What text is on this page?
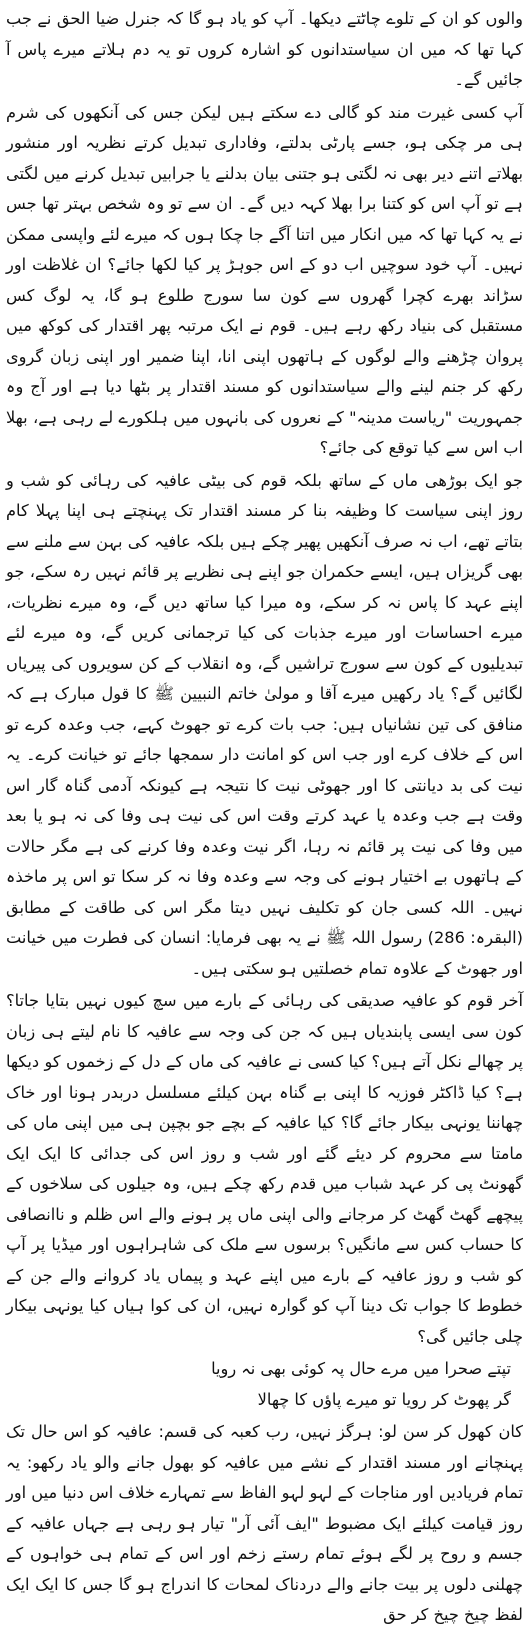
والوں کو ان کے تلوے چاٹتے دیکھا۔ آپ کو یاد ہو گا کہ جنرل ضیا الحق نے جب کہا تھا کہ میں ان سیاستدانوں کو اشارہ کروں تو یہ دم ہلاتے میرے پاس آ جائیں گے۔

آپ کسی غیرت مند کو گالی دے سکتے ہیں لیکن جس کی آنکھوں کی شرم ہی مر چکی ہو، جسے پارٹی بدلتے، وفاداری تبدیل کرتے نظریہ اور منشور بھلاتے اتنے دیر بھی نہ لگتی ہو جتنی بیان بدلنے یا جرابیں تبدیل کرنے میں لگتی ہے تو آپ اس کو کتنا برا بھلا کہہ دیں گے۔ ان سے تو وہ شخص بہتر تھا جس نے یہ کہا تھا کہ میں انکار میں اتنا آگے جا چکا ہوں کہ میرے لئے واپسی ممکن نہیں۔ آپ خود سوچیں اب دو کے اس جوہڑ پر کیا لکھا جائے؟ ان غلاظت اور سڑاند بھرے کچرا گھروں سے کون سا سورج طلوع ہو گا، یہ لوگ کس مستقبل کی بنیاد رکھ رہے ہیں۔ قوم نے ایک مرتبہ پھر اقتدار کی کوکھ میں پروان چڑھنے والے لوگوں کے ہاتھوں اپنی انا، اپنا ضمیر اور اپنی زبان گروی رکھ کر جنم لینے والے سیاستدانوں کو مسند اقتدار پر بٹھا دیا ہے اور آج وہ جمہوریت "ریاست مدینہ" کے نعروں کی بانہوں میں ہلکورے لے رہی ہے، بھلا اب اس سے کیا توقع کی جائے؟

جو ایک بوڑھی ماں کے ساتھ بلکہ قوم کی بیٹی عافیہ کی رہائی کو شب و روز اپنی سیاست کا وظیفہ بنا کر مسند اقتدار تک پہنچتے ہی اپنا پہلا کام بتاتے تھے، اب نہ صرف آنکھیں پھیر چکے ہیں بلکہ عافیہ کی بہن سے ملنے سے بھی گریزاں ہیں، ایسے حکمران جو اپنے ہی نظریے پر قائم نہیں رہ سکے، جو اپنے عہد کا پاس نہ کر سکے، وہ میرا کیا ساتھ دیں گے، وہ میرے نظریات، میرے احساسات اور میرے جذبات کی کیا ترجمانی کریں گے، وہ میرے لئے تبدیلیوں کے کون سے سورج تراشیں گے، وہ انقلاب کے کن سویروں کی پیریاں لگائیں گے؟ یاد رکھیں میرے آقا و مولیٰ خاتم النبیین ﷺ کا قول مبارک ہے کہ منافق کی تین نشانیاں ہیں: جب بات کرے تو جھوٹ کہے، جب وعدہ کرے تو اس کے خلاف کرے اور جب اس کو امانت دار سمجھا جائے تو خیانت کرے۔ یہ نیت کی بد دیانتی کا اور جھوٹی نیت کا نتیجہ ہے کیونکہ آدمی گناہ گار اس وقت ہے جب وعدہ یا عہد کرتے وقت اس کی نیت ہی وفا کی نہ ہو یا بعد میں وفا کی نیت پر قائم نہ رہا، اگر نیت وعدہ وفا کرنے کی ہے مگر حالات کے ہاتھوں بے اختیار ہونے کی وجہ سے وعدہ وفا نہ کر سکا تو اس پر ماخذہ نہیں۔ اللہ کسی جان کو تکلیف نہیں دیتا مگر اس کی طاقت کے مطابق (البقرہ: 286) رسول اللہ ﷺ نے یہ بھی فرمایا: انسان کی فطرت میں خیانت اور جھوٹ کے علاوہ تمام خصلتیں ہو سکتی ہیں۔

آخر قوم کو عافیہ صدیقی کی رہائی کے بارے میں سچ کیوں نہیں بتایا جاتا؟ کون سی ایسی پابندیاں ہیں کہ جن کی وجہ سے عافیہ کا نام لیتے ہی زبان پر چھالے نکل آتے ہیں؟ کیا کسی نے عافیہ کی ماں کے دل کے زخموں کو دیکھا ہے؟ کیا ڈاکٹر فوزیہ کا اپنی بے گناہ بہن کیلئے مسلسل دربدر ہونا اور خاک چھاننا یونہی بیکار جائے گا؟ کیا عافیہ کے بچے جو بچپن ہی میں اپنی ماں کی مامتا سے محروم کر دیئے گئے اور شب و روز اس کی جدائی کا ایک ایک گھونٹ پی کر عہد شباب میں قدم رکھ چکے ہیں، وہ جیلوں کی سلاخوں کے پیچھے گھٹ گھٹ کر مرجانے والی اپنی ماں پر ہونے والے اس ظلم و ناانصافی کا حساب کس سے مانگیں؟ برسوں سے ملک کی شاہراہوں اور میڈیا پر آپ کو شب و روز عافیہ کے بارے میں اپنے عہد و پیماں یاد کروانے والے جن کے خطوط کا جواب تک دینا آپ کو گوارہ نہیں، ان کی کوا ہیاں کیا یونہی بیکار چلی جائیں گی؟

تپتے صحرا میں مرے حال پہ کوئی بھی نہ رویا

گر پھوٹ کر رویا تو میرے پاؤں کا چھالا

کان کھول کر سن لو: ہرگز نہیں، رب کعبہ کی قسم: عافیہ کو اس حال تک پہنچانے اور مسند اقتدار کے نشے میں عافیہ کو بھول جانے والو یاد رکھو: یہ تمام فریادیں اور مناجات کے لہو لہو الفاظ سے تمہارے خلاف اس دنیا میں اور روز قیامت کیلئے ایک مضبوط "ایف آئی آر" تیار ہو رہی ہے جہاں عافیہ کے جسم و روح پر لگے ہوئے تمام رستے زخم اور اس کے تمام ہی خواہوں کے چھلنی دلوں پر بیت جانے والے دردناک لمحات کا اندراج ہو گا جس کا ایک ایک لفظ چیخ چیخ کر حق
